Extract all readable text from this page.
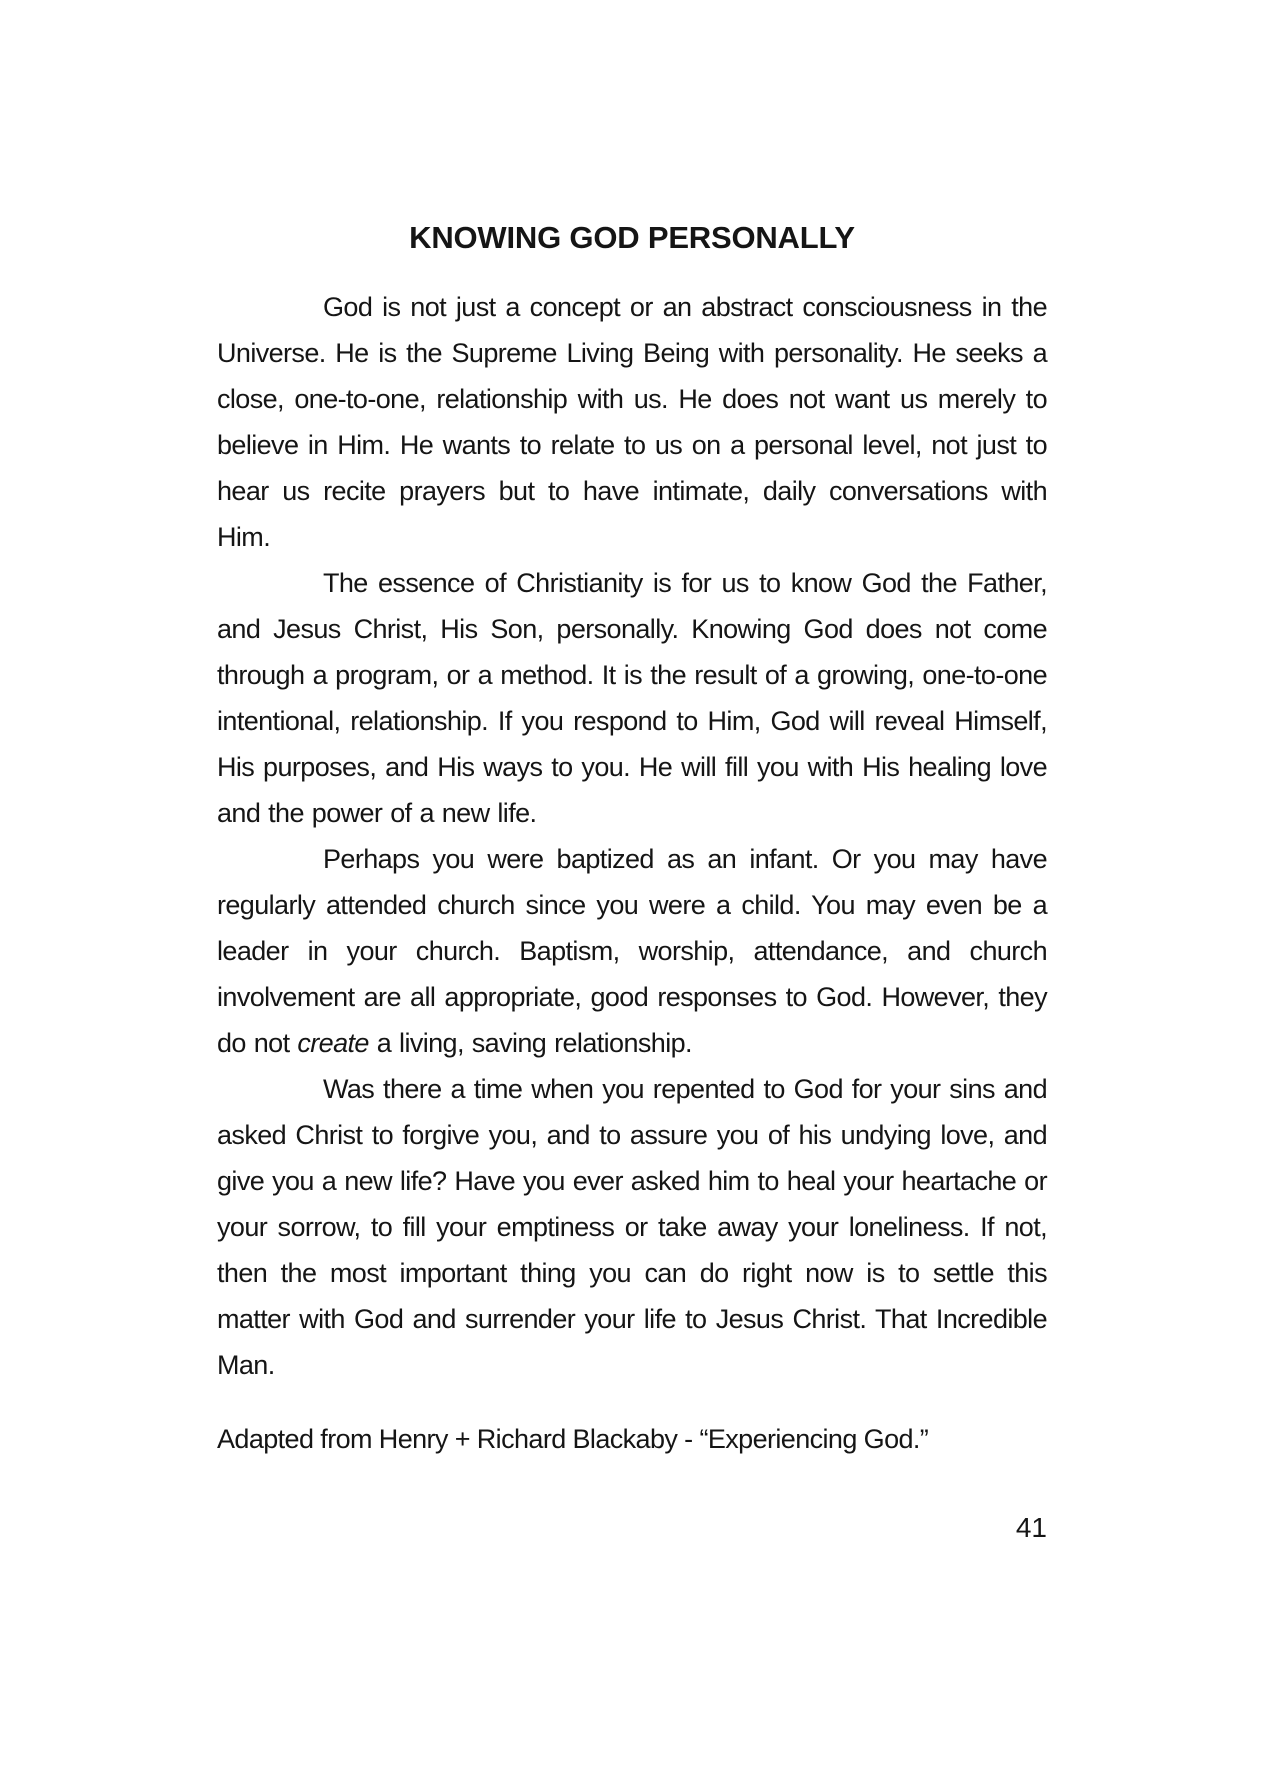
KNOWING GOD PERSONALLY

God is not just a concept or an abstract consciousness in the Universe. He is the Supreme Living Being with personality. He seeks a close, one-to-one, relationship with us. He does not want us merely to believe in Him. He wants to relate to us on a personal level, not just to hear us recite prayers but to have intimate, daily conversations with Him.

The essence of Christianity is for us to know God the Father, and Jesus Christ, His Son, personally. Knowing God does not come through a program, or a method. It is the result of a growing, one-to-one intentional, relationship. If you respond to Him, God will reveal Himself, His purposes, and His ways to you. He will fill you with His healing love and the power of a new life.

Perhaps you were baptized as an infant. Or you may have regularly attended church since you were a child. You may even be a leader in your church. Baptism, worship, attendance, and church involvement are all appropriate, good responses to God. However, they do not create a living, saving relationship.

Was there a time when you repented to God for your sins and asked Christ to forgive you, and to assure you of his undying love, and give you a new life? Have you ever asked him to heal your heartache or your sorrow, to fill your emptiness or take away your loneliness. If not, then the most important thing you can do right now is to settle this matter with God and surrender your life to Jesus Christ. That Incredible Man.

Adapted from Henry + Richard Blackaby - “Experiencing God.”

41
